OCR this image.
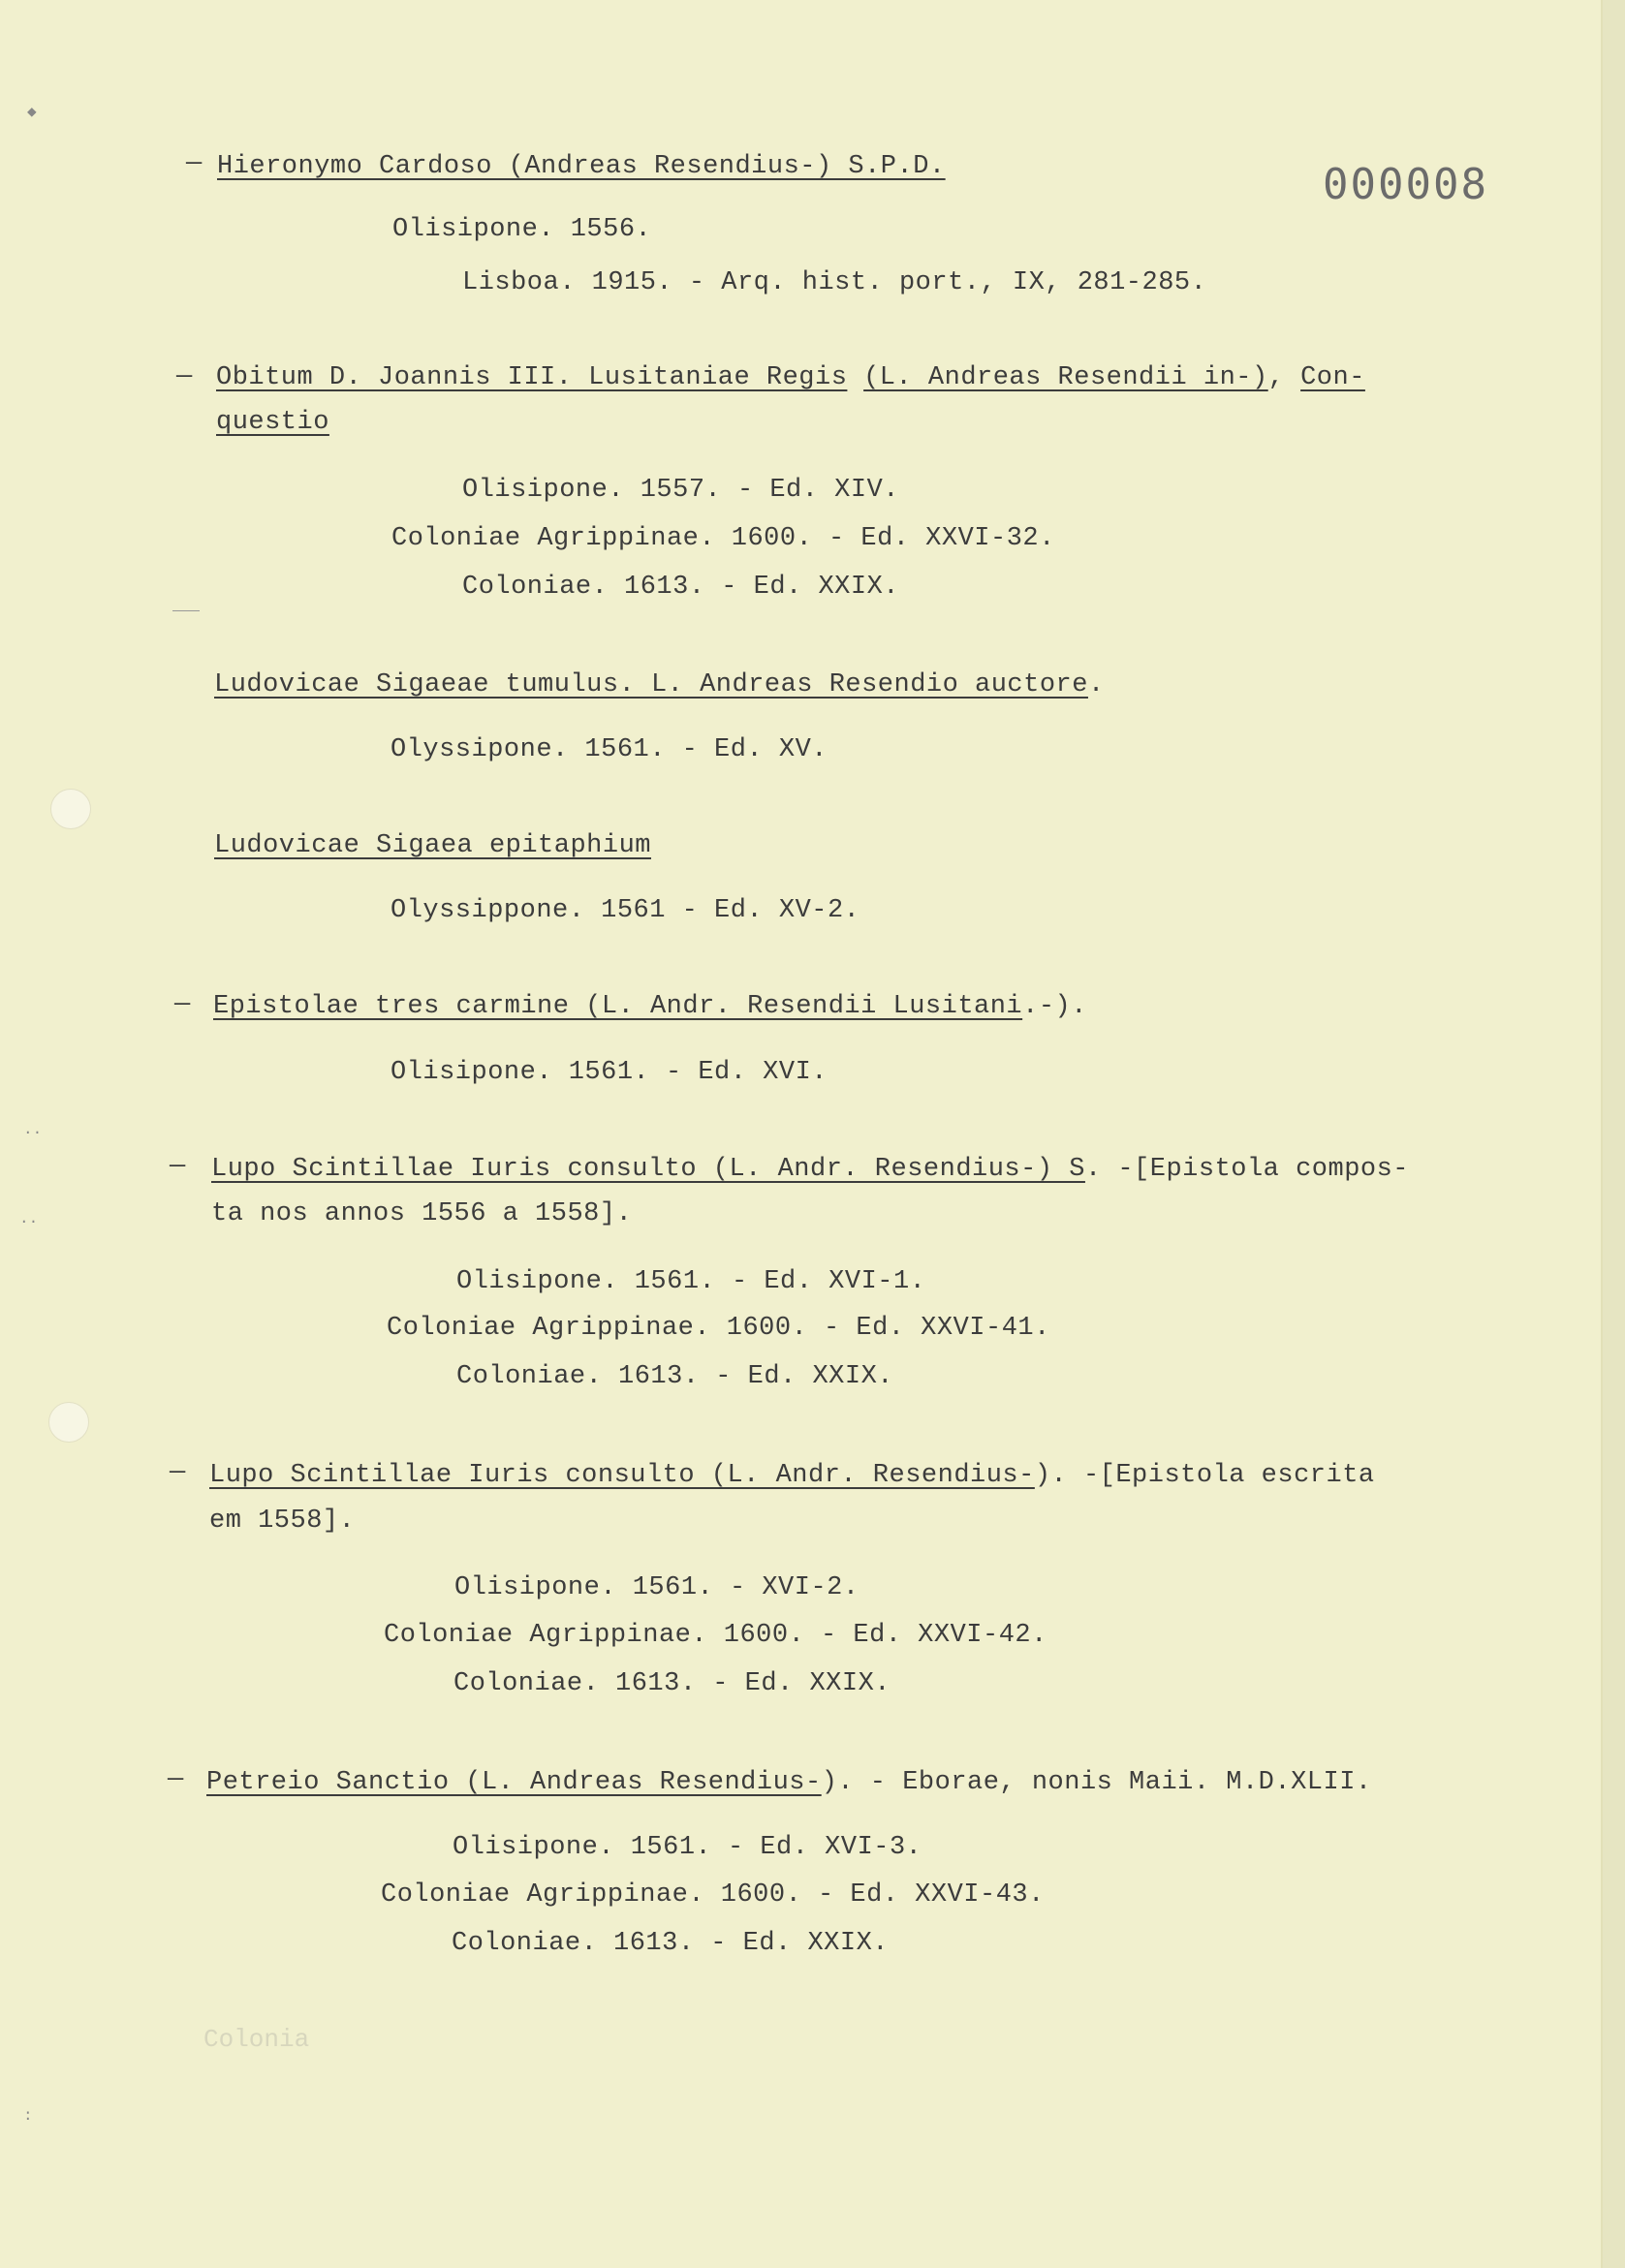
000008
— Hieronymo Cardoso (Andreas Resendius-) S.P.D.
Olisipone. 1556.
Lisboa. 1915. - Arq. hist. port., IX, 281-285.
— Obitum D. Joannis III. Lusitaniae Regis (L. Andreas Resendii in-), Con-
questio
Olisipone. 1557. - Ed. XIV.
Coloniae Agrippinae. 1600. - Ed. XXVI-32.
Coloniae. 1613. - Ed. XXIX.
Ludovicae Sigaeae tumulus. L. Andreas Resendio auctore.
Olyssipone. 1561. - Ed. XV.
Ludovicae Sigaea epitaphium
Olyssippone. 1561 - Ed. XV-2.
— Epistolae tres carmine (L. Andr. Resendii Lusitani.-).
Olisipone. 1561. - Ed. XVI.
— Lupo Scintillae Iuris consulto (L. Andr. Resendius-) S. -[Epistola compos-
ta nos annos 1556 a 1558].
Olisipone. 1561. - Ed. XVI-1.
Coloniae Agrippinae. 1600. - Ed. XXVI-41.
Coloniae. 1613. - Ed. XXIX.
— Lupo Scintillae Iuris consulto (L. Andr. Resendius-). -[Epistola escrita
em 1558].
Olisipone. 1561. - XVI-2.
Coloniae Agrippinae. 1600. - Ed. XXVI-42.
Coloniae. 1613. - Ed. XXIX.
— Petreio Sanctio (L. Andreas Resendius-). - Eborae, nonis Maii. M.D.XLII.
Olisipone. 1561. - Ed. XVI-3.
Coloniae Agrippinae. 1600. - Ed. XXVI-43.
Coloniae. 1613. - Ed. XXIX.
Colonia
◆
··
··
:
